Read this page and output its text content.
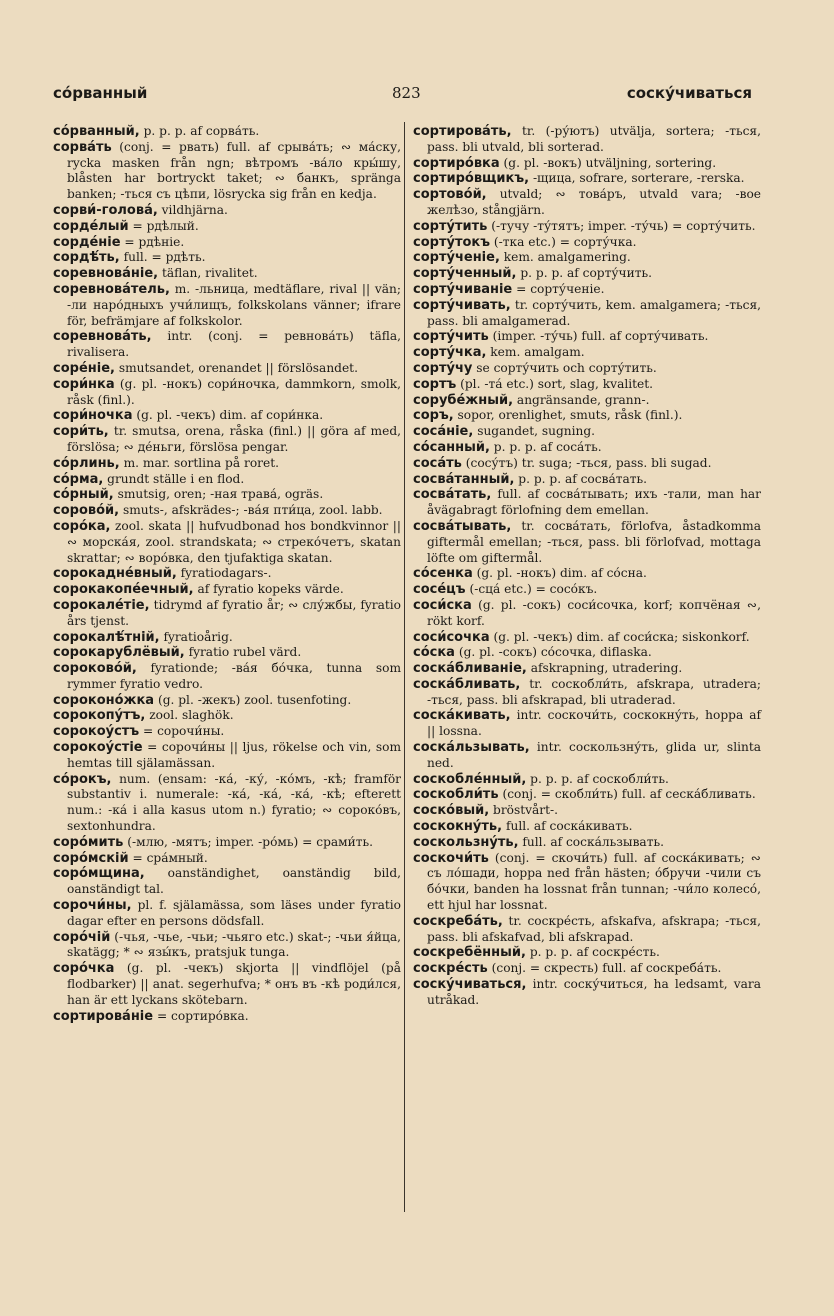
со́рванный	823	соску́чиваться

со́рванный, p. p. p. af сорва́ть.

сорва́ть (conj. = рвать) full. af срыва́ть; ∾ ма́ску, rycka masken från ngn; вѣтромъ -ва́ло кры́шу, blåsten har bortryckt taket; ∾ банкъ, spränga banken; -ться съ цѣпи, lösrycka sig från en kedja.

сорви́-голова́, vildhjärna.

сорде́лый = рдѣлый.

сорде́ніе = рдѣніе.

сордѣ́ть, full. = рдѣть.

соревнова́ніе, täflan, rivalitet.

соревнова́тель, m. -льница, medtäflare, rival || vän; -ли наро́дныхъ учи́лищъ, folkskolans vänner; ifrare för, befrämjare af folkskolor.

соревнова́ть, intr. (conj. = ревнова́ть) täfla, rivalisera.

соре́ніе, smutsandet, orenandet || förslösandet.

сори́нка (g. pl. -нокъ) сори́ночка, dammkorn, smolk, råsk (finl.).

сори́ночка (g. pl. -чекъ) dim. af сори́нка.

сори́ть, tr. smutsa, orena, råska (finl.) || göra af med, förslösa; ∾ де́ньги, förslösa pengar.

со́рлинь, m. mar. sortlina på roret.

со́рма, grundt ställe i en flod.

со́рный, smutsig, oren; -ная трава́, ogräs.

сорово́й, smuts-, afskrädes-; -ва́я пти́ца, zool. labb.

соро́ка, zool. skata || hufvudbonad hos bondkvinnor || ∾ морска́я, zool. strandskata; ∾ стреко́четъ, skatan skrattar; ∾ воро́вка, den tjufaktiga skatan.

сорокадне́вный, fyratiodagars-.

сорокакопе́ечный, af fyratio kopeks värde.

сорокале́тіе, tidrymd af fyratio år; ∾ слу́жбы, fyratio års tjenst.

сорокалѣ́тній, fyratioårig.

сорокарублёвый, fyratio rubel värd.

сороково́й, fyrationde; -ва́я бо́чка, tunna som rymmer fyratio vedro.

сороконо́жка (g. pl. -жекъ) zool. tusenfoting.

сорокопу́тъ, zool. slaghök.

сорокоу́стъ = сорочи́ны.

сорокоу́стіе = сорочи́ны || ljus, rökelse och vin, som hemtas till själamässan.

со́рокъ, num. (ensam: -ка́, -ку́, -ко́мъ, -кѣ; framför substantiv i. numerale: -ка́, -ка́, -ка́, -кѣ; efterett num.: -ка́ i alla kasus utom n.) fyratio; ∾ сороко́въ, sextonhundra.

соро́мить (-млю, -мятъ; imper. -ро́мь) = срами́ть.

соро́мскій = сра́мный.

соро́мщина, oanständighet, oanständig bild, oanständigt tal.

сорочи́ны, pl. f. själamässa, som läses under fyratio dagar efter en persons dödsfall.

соро́чій (-чья, -чье, -чьи; -чьяго etc.) skat-; -чьи я́йца, skatägg; * ∾ язы́къ, pratsjuk tunga.

соро́чка (g. pl. -чекъ) skjorta || vindflöjel (på flodbarker) || anat. segerhufva; * онъ въ -кѣ роди́лся, han är ett lyckans skötebarn.

сортирова́ніе = сортиро́вка.

сортирова́ть, tr. (-ру́ютъ) utvälja, sortera; -ться, pass. bli utvald, bli sorterad.

сортиро́вка (g. pl. -вокъ) utväljning, sortering.

сортиро́вщикъ, -щица, sofrare, sorterare, -rerska.

сортово́й, utvald; ∾ това́ръ, utvald vara; -вое желѣзо, stångjärn.

сорту́тить (-тучу -ту́тятъ; imper. -ту́чь) = сорту́чить.

сорту́токъ (-тка etc.) = сорту́чка.

сорту́ченіе, kem. amalgamering.

сорту́ченный, p. p. p. af сорту́чить.

сорту́чиваніе = сорту́ченіе.

сорту́чивать, tr. сорту́чить, kem. amalgamera; -ться, pass. bli amalgamerad.

сорту́чить (imper. -ту́чь) full. af сорту́чивать.

сорту́чка, kem. amalgam.

сорту́чу se сорту́чить och сорту́тить.

сортъ (pl. -та́ etc.) sort, slag, kvalitet.

сорубе́жный, angränsande, grann-.

соръ, sopor, orenlighet, smuts, råsk (finl.).

coса́ніе, sugandet, sugning.

со́санный, p. p. p. af соса́ть.

соса́ть (сосу́тъ) tr. suga; -ться, pass. bli sugad.

сосва́танный, p. p. p. af сосва́тать.

сосва́тать, full. af сосва́тывать; ихъ -тали, man har åvägabragt förlofning dem emellan.

сосва́тывать, tr. сосва́тать, förlofva, åstadkomma giftermål emellan; -ться, pass. bli förlofvad, mottaga löfte om giftermål.

со́сенка (g. pl. -нокъ) dim. af со́сна.

сосе́цъ (-сца́ etc.) = сосо́къ.

соси́ска (g. pl. -сокъ) соси́сочка, korf; копчёная ∾, rökt korf.

соси́сочка (g. pl. -чекъ) dim. af соси́ска; siskonkorf.

со́ска (g. pl. -сокъ) со́сочка, diflaska.

соска́бливаніе, afskrapning, utradering.

соска́бливать, tr. соскобли́ть, afskrapa, utradera; -ться, pass. bli afskrapad, bli utraderad.

соска́кивать, intr. соскочи́ть, соскокну́ть, hoppa af || lossna.

соска́льзывать, intr. соскользну́ть, glida ur, slinta ned.

соскобле́нный, p. p. p. af соскобли́ть.

соскобли́ть (conj. = скобли́ть) full. af сеска́бливать.

соско́вый, bröstvårt-.

соскокну́ть, full. af соска́кивать.

соскользну́ть, full. af соска́льзывать.

соскочи́ть (conj. = скочи́ть) full. af соска́кивать; ∾ съ ло́шади, hoppa ned från hästen; о́бручи -чили съ бо́чки, banden ha lossnat från tunnan; -чи́ло колесо́, ett hjul har lossnat.

соскреба́ть, tr. соскре́сть, afskafva, afskrapa; -ться, pass. bli afskafvad, bli afskrapad.

соскребённый, p. p. p. af соскре́сть.

соскре́сть (conj. = скресть) full. af соскреба́ть.

соску́чиваться, intr. соску́читься, ha ledsamt, vara utråkad.
